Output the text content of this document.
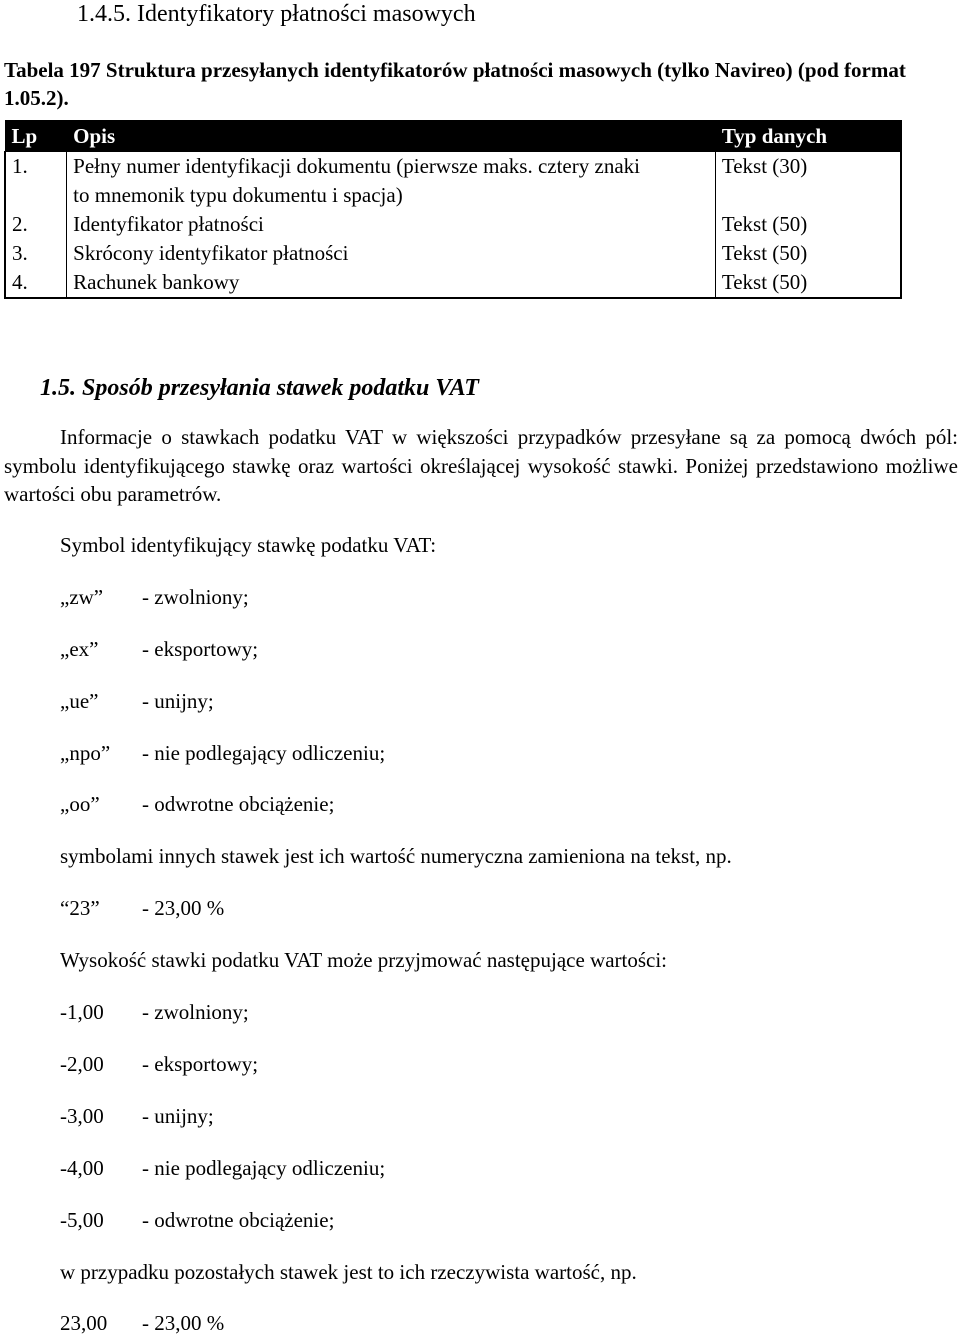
1.4.5. Identyfikatory płatności masowych
Tabela 197 Struktura przesyłanych identyfikatorów płatności masowych (tylko Navireo) (pod format 1.05.2).
Lp	Opis	Typ danych
1.	Pełny numer identyfikacji dokumentu (pierwsze maks. cztery znaki
to mnemonik typu dokumentu i spacja)	Tekst (30)
2.	Identyfikator płatności	Tekst (50)
3.	Skrócony identyfikator płatności	Tekst (50)
4.	Rachunek bankowy	Tekst (50)
1.5. Sposób przesyłania stawek podatku VAT
Informacje o stawkach podatku VAT w większości przypadków przesyłane są za pomocą dwóch pól: symbolu identyfikującego stawkę oraz wartości określającej wysokość stawki. Poniżej przedstawiono możliwe wartości obu parametrów.
Symbol identyfikujący stawkę podatku VAT:
„zw” - zwolniony;
„ex” - eksportowy;
„ue” - unijny;
„npo” - nie podlegający odliczeniu;
„oo” - odwrotne obciążenie;
symbolami innych stawek jest ich wartość numeryczna zamieniona na tekst, np.
“23” - 23,00 %
Wysokość stawki podatku VAT może przyjmować następujące wartości:
-1,00 - zwolniony;
-2,00 - eksportowy;
-3,00 - unijny;
-4,00 - nie podlegający odliczeniu;
-5,00 - odwrotne obciążenie;
w przypadku pozostałych stawek jest to ich rzeczywista wartość, np.
23,00 - 23,00 %
